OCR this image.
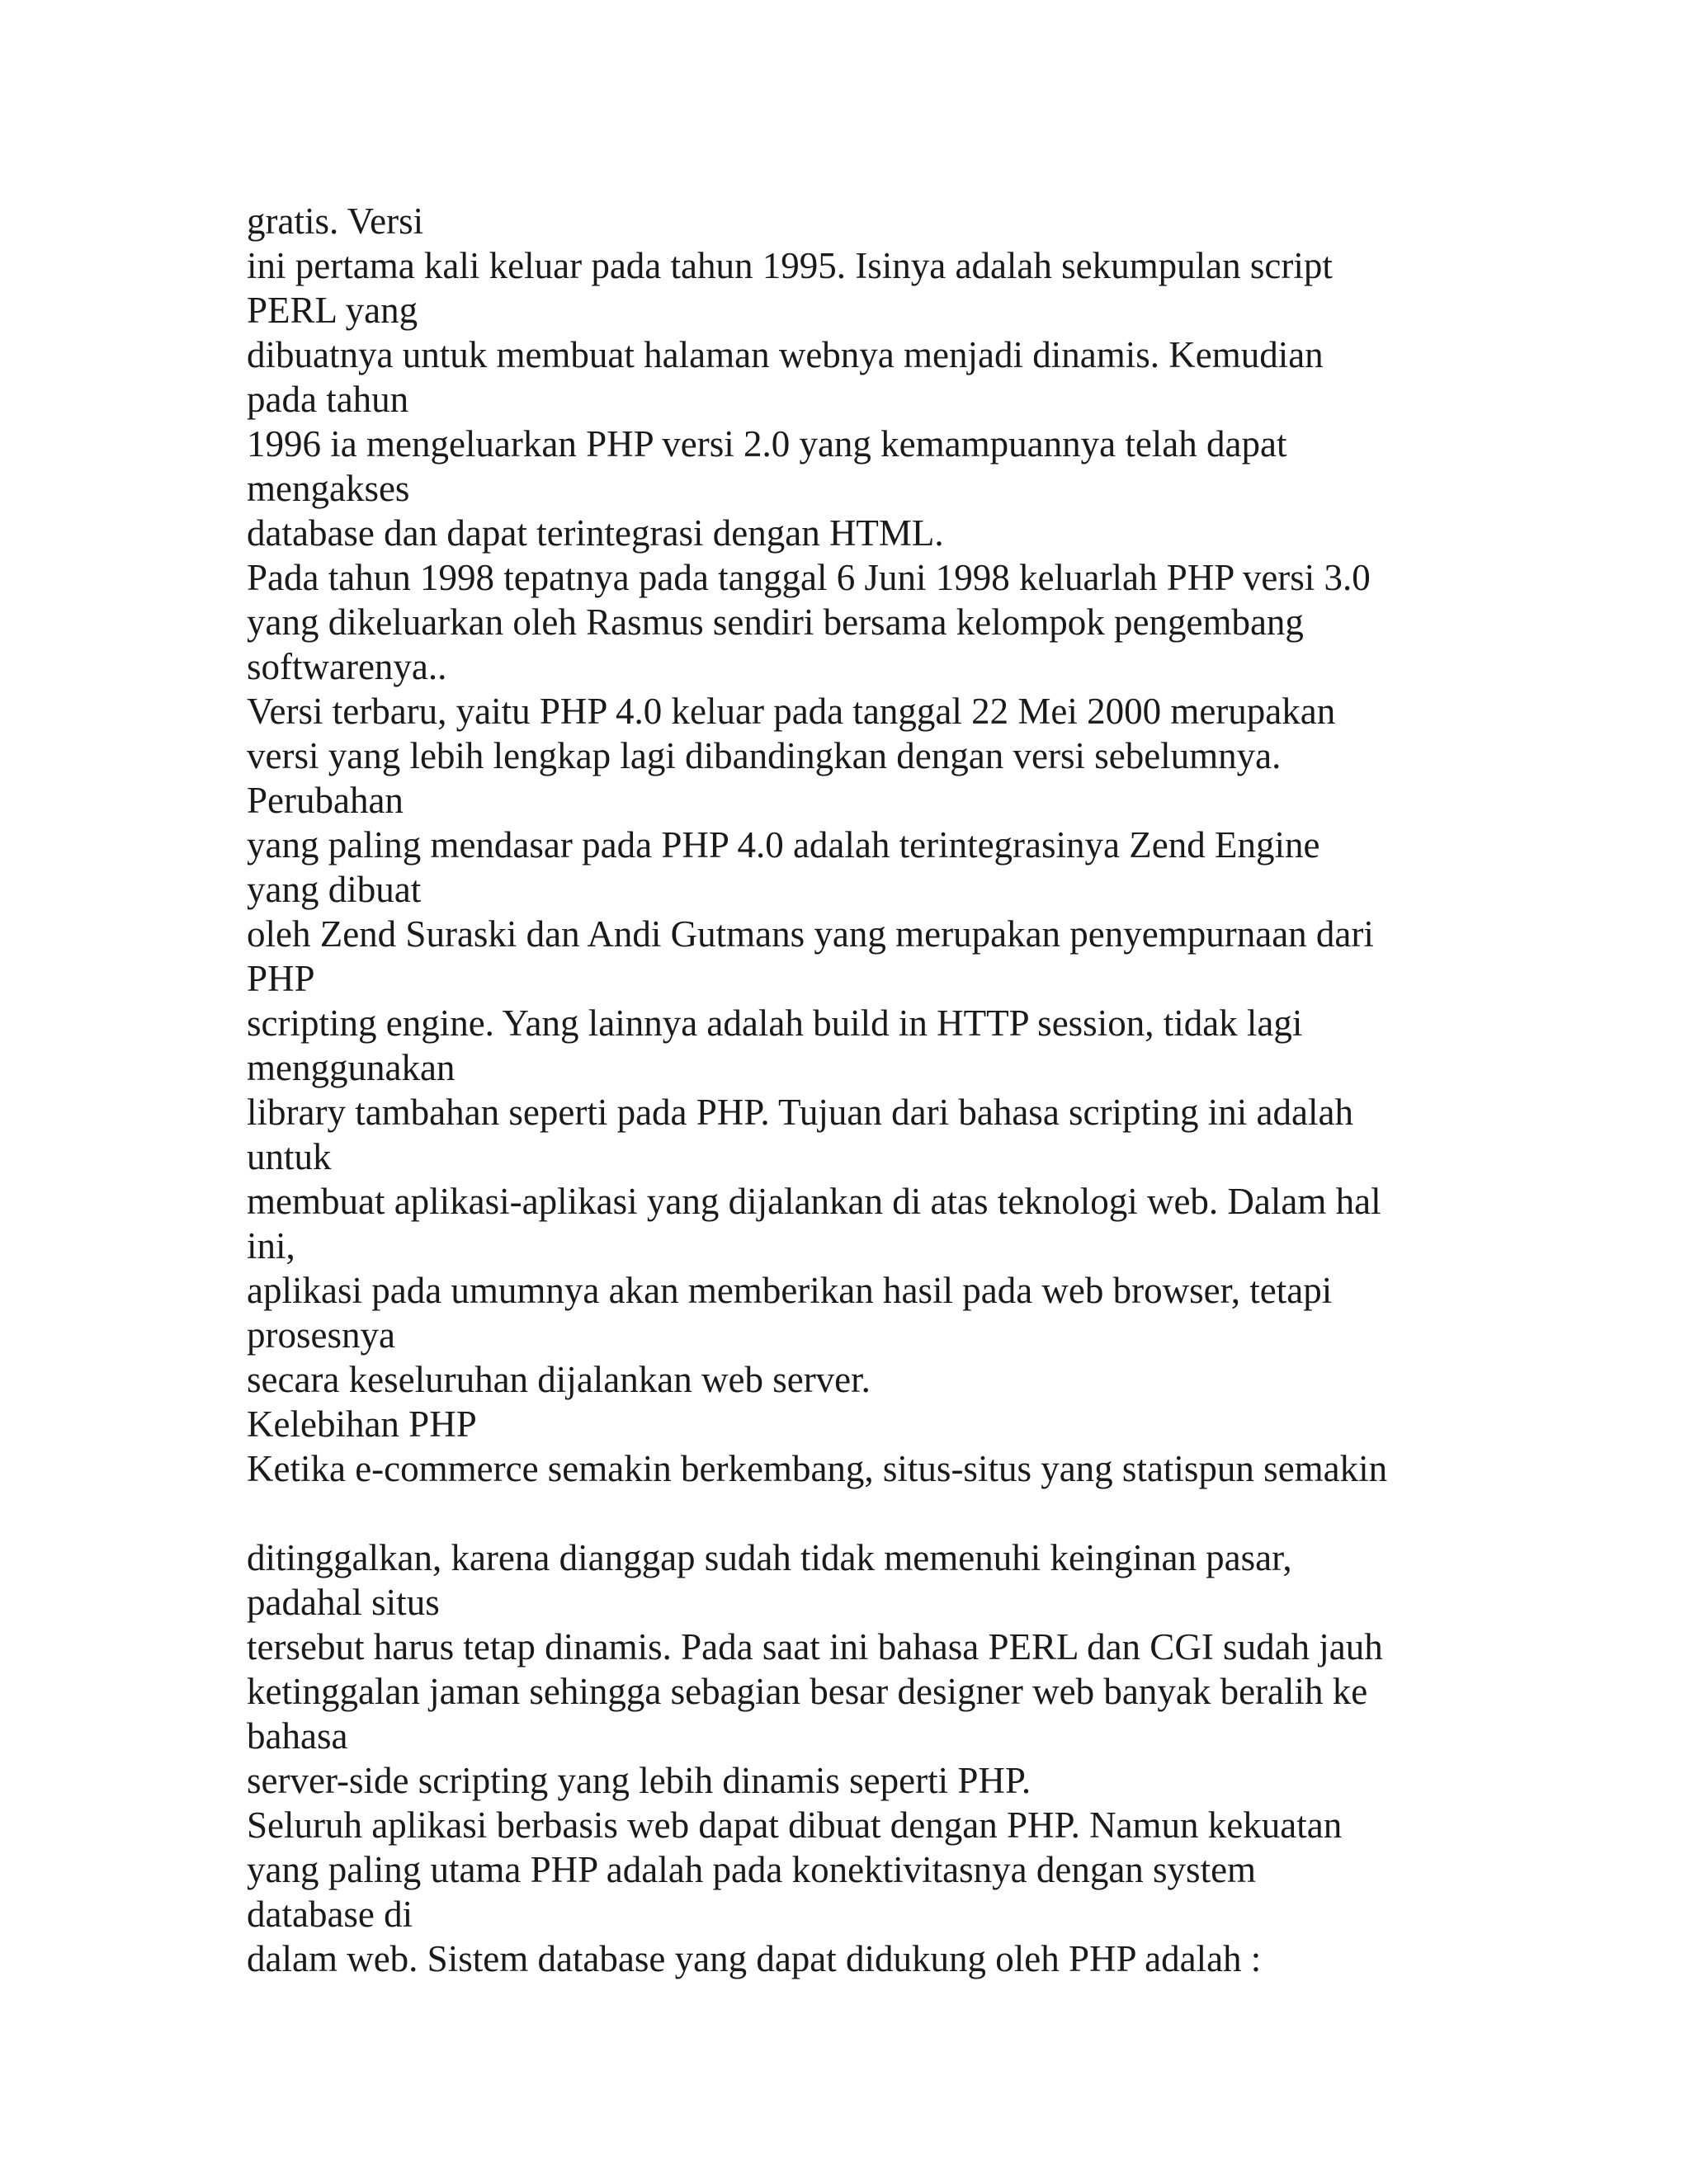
gratis. Versi
ini pertama kali keluar pada tahun 1995. Isinya adalah sekumpulan script
PERL yang
dibuatnya untuk membuat halaman webnya menjadi dinamis. Kemudian
pada tahun
1996 ia mengeluarkan PHP versi 2.0 yang kemampuannya telah dapat
mengakses
database dan dapat terintegrasi dengan HTML.
Pada tahun 1998 tepatnya pada tanggal 6 Juni 1998 keluarlah PHP versi 3.0
yang dikeluarkan oleh Rasmus sendiri bersama kelompok pengembang
softwarenya..
Versi terbaru, yaitu PHP 4.0 keluar pada tanggal 22 Mei 2000 merupakan
versi yang lebih lengkap lagi dibandingkan dengan versi sebelumnya.
Perubahan
yang paling mendasar pada PHP 4.0 adalah terintegrasinya Zend Engine
yang dibuat
oleh Zend Suraski dan Andi Gutmans yang merupakan penyempurnaan dari
PHP
scripting engine. Yang lainnya adalah build in HTTP session, tidak lagi
menggunakan
library tambahan seperti pada PHP. Tujuan dari bahasa scripting ini adalah
untuk
membuat aplikasi-aplikasi yang dijalankan di atas teknologi web. Dalam hal
ini,
aplikasi pada umumnya akan memberikan hasil pada web browser, tetapi
prosesnya
secara keseluruhan dijalankan web server.
Kelebihan PHP
Ketika e-commerce semakin berkembang, situs-situs yang statispun semakin
ditinggalkan, karena dianggap sudah tidak memenuhi keinginan pasar,
padahal situs
tersebut harus tetap dinamis. Pada saat ini bahasa PERL dan CGI sudah jauh
ketinggalan jaman sehingga sebagian besar designer web banyak beralih ke
bahasa
server-side scripting yang lebih dinamis seperti PHP.
Seluruh aplikasi berbasis web dapat dibuat dengan PHP. Namun kekuatan
yang paling utama PHP adalah pada konektivitasnya dengan system
database di
dalam web. Sistem database yang dapat didukung oleh PHP adalah :
